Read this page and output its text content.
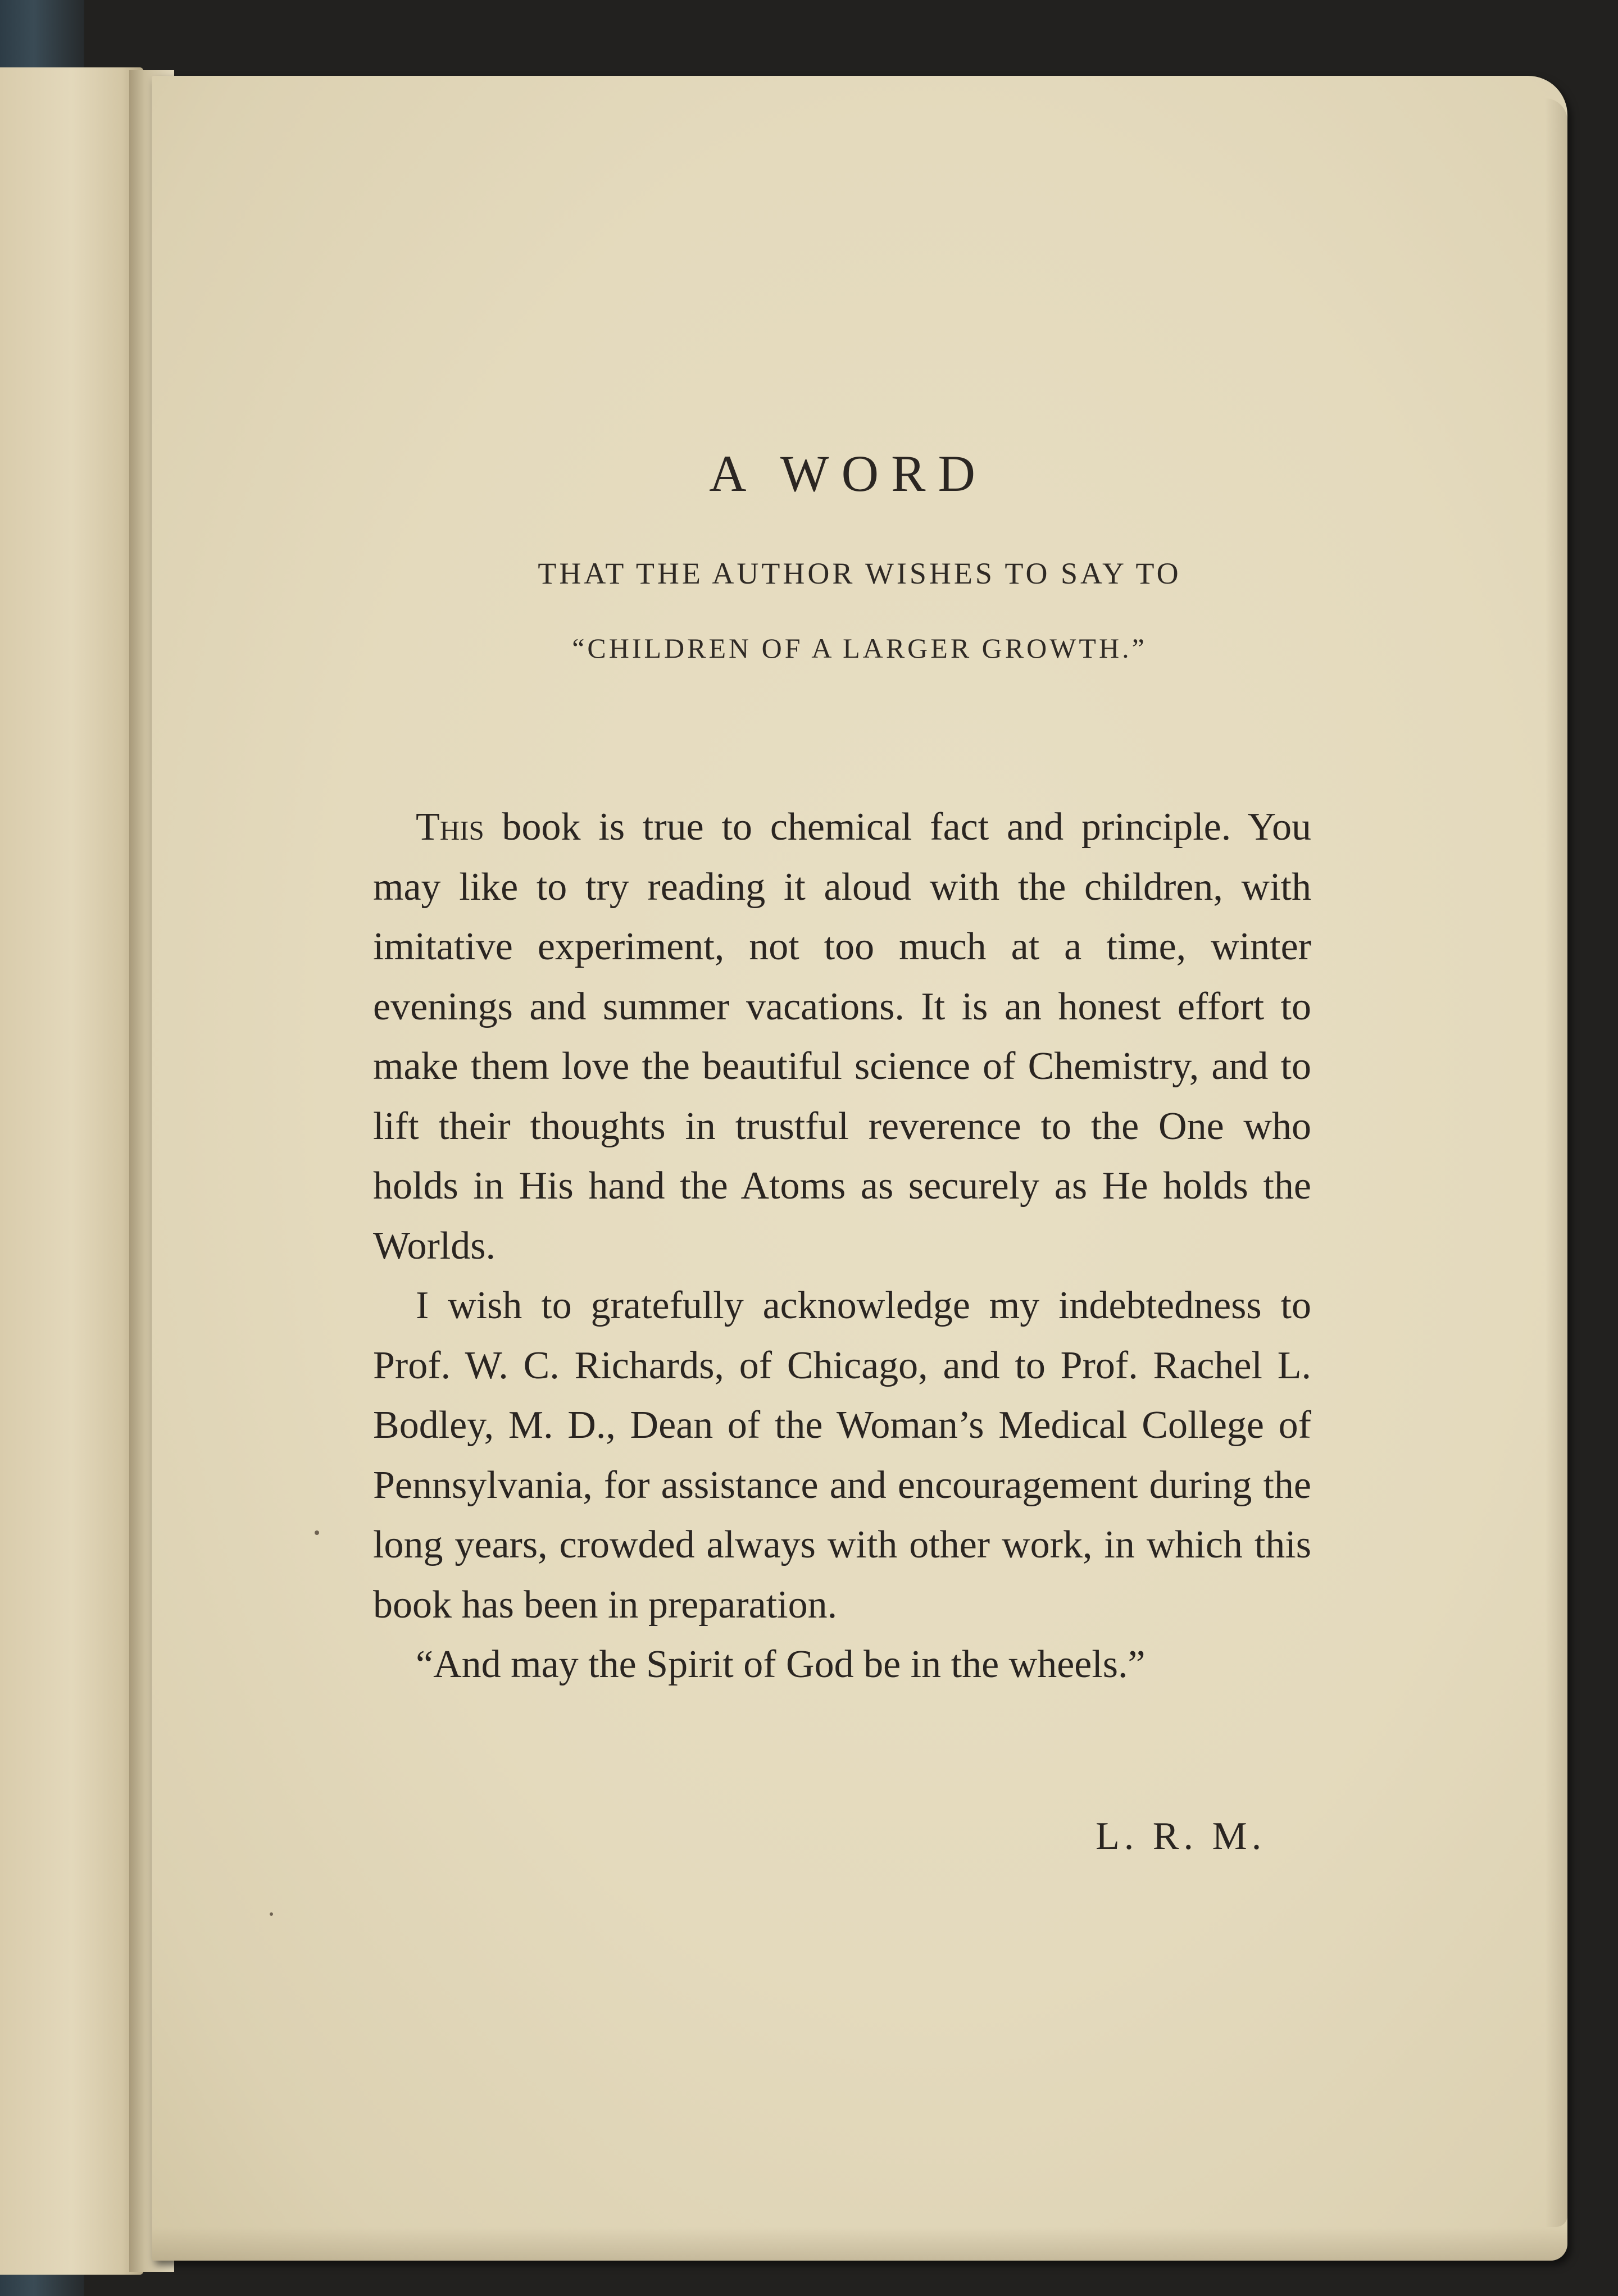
A WORD
THAT THE AUTHOR WISHES TO SAY TO
“CHILDREN OF A LARGER GROWTH.”

This book is true to chemical fact and principle. You may like to try reading it aloud with the children, with imitative experiment, not too much at a time, winter evenings and summer vacations. It is an honest effort to make them love the beautiful science of Chemistry, and to lift their thoughts in trustful reverence to the One who holds in His hand the Atoms as securely as He holds the Worlds.

I wish to gratefully acknowledge my indebtedness to Prof. W. C. Richards, of Chicago, and to Prof. Rachel L. Bodley, M. D., Dean of the Woman’s Medical College of Pennsylvania, for assistance and encouragement during the long years, crowded always with other work, in which this book has been in preparation.

“And may the Spirit of God be in the wheels.”

L. R. M.
